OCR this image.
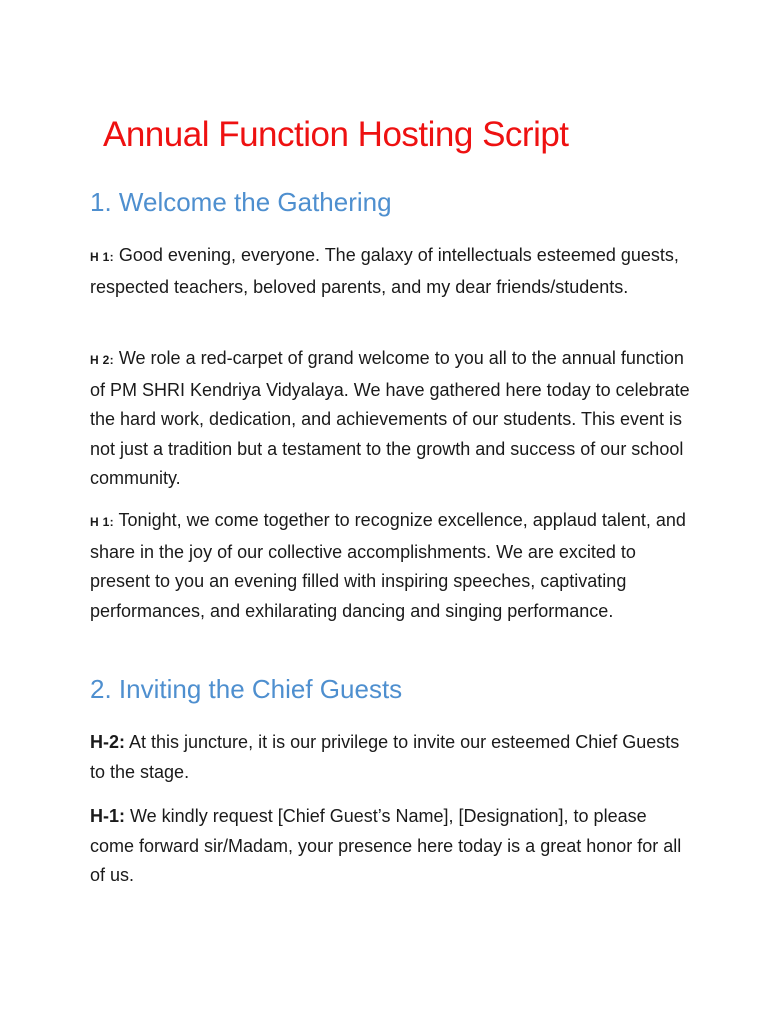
Annual Function Hosting Script
1. Welcome the Gathering

H 1: Good evening, everyone. The galaxy of intellectuals esteemed guests, respected teachers, beloved parents, and my dear friends/students.

H 2: We role a red-carpet of grand welcome to you all to the annual function of PM SHRI Kendriya Vidyalaya. We have gathered here today to celebrate the hard work, dedication, and achievements of our students. This event is not just a tradition but a testament to the growth and success of our school community.

H 1: Tonight, we come together to recognize excellence, applaud talent, and share in the joy of our collective accomplishments. We are excited to present to you an evening filled with inspiring speeches, captivating performances, and exhilarating dancing and singing performance.

2. Inviting the Chief Guests

H-2: At this juncture, it is our privilege to invite our esteemed Chief Guests to the stage.

H-1: We kindly request [Chief Guest’s Name], [Designation], to please come forward sir/Madam, your presence here today is a great honor for all of us.
